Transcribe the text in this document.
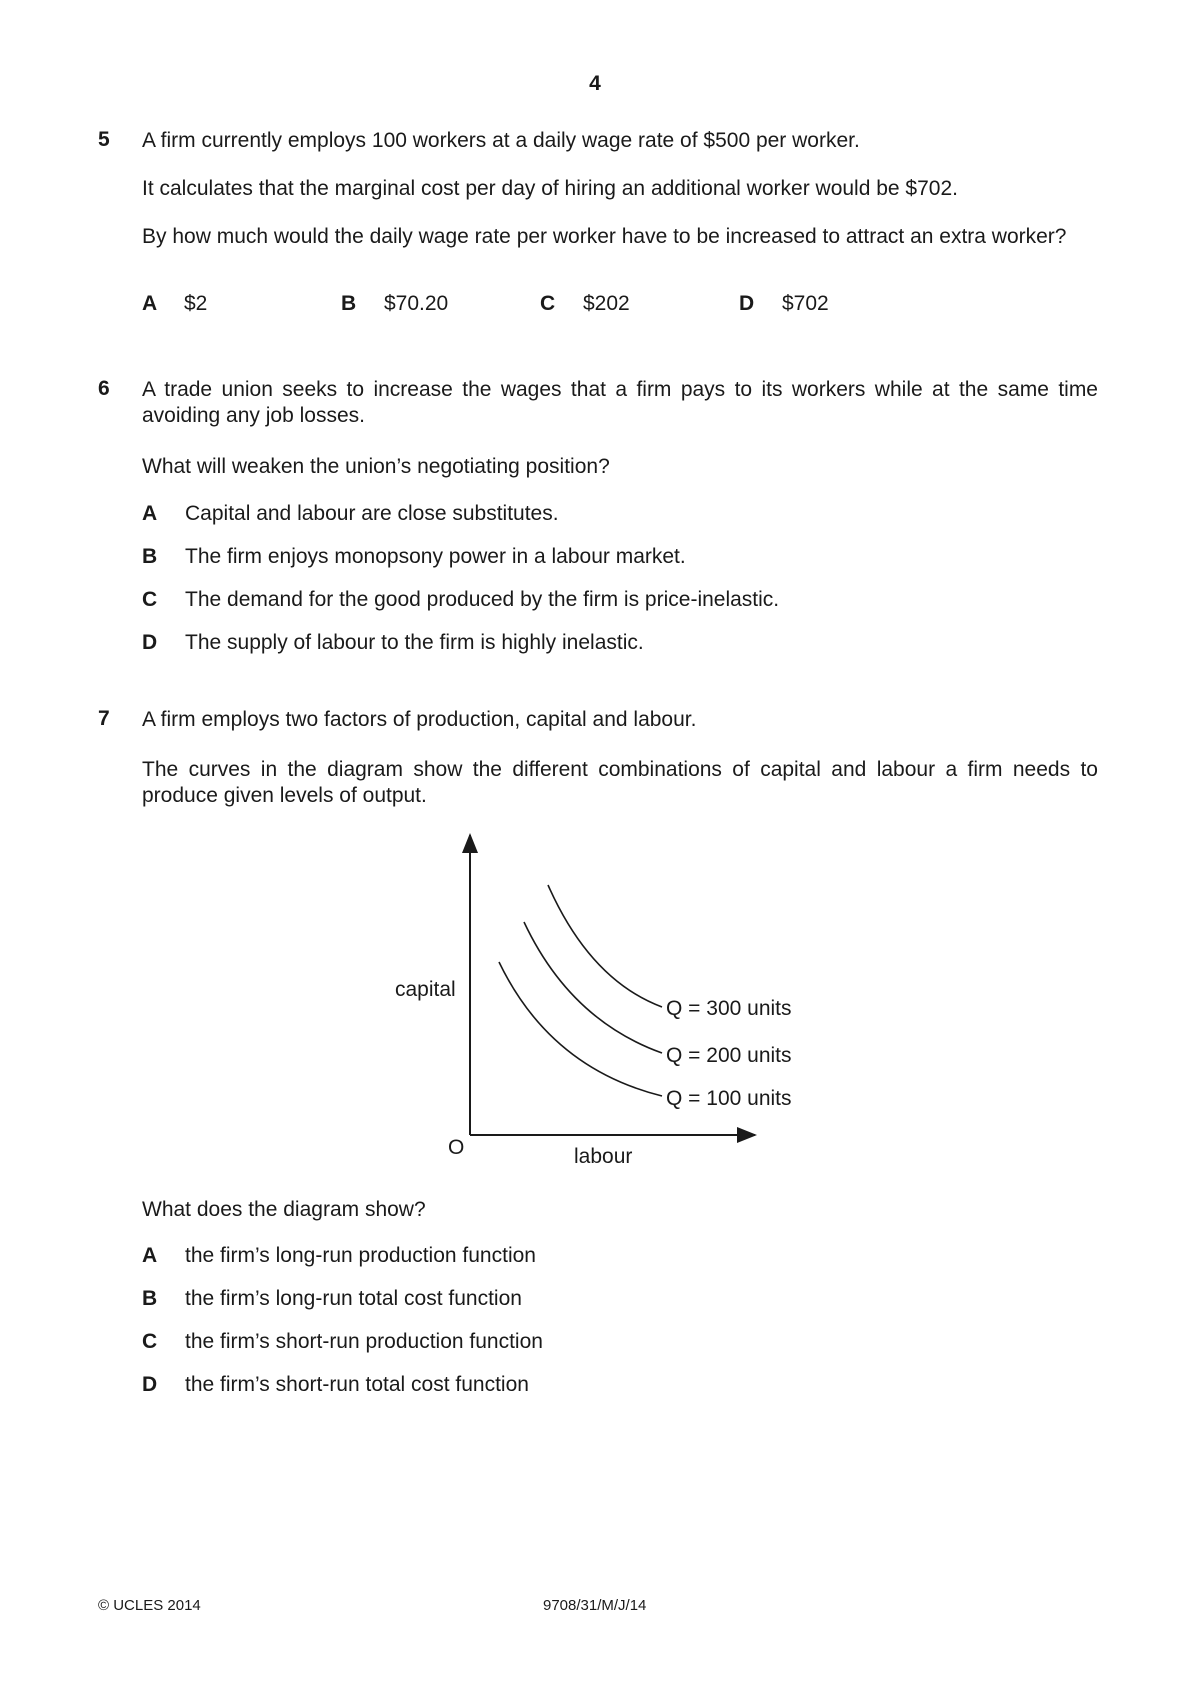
4
5 A firm currently employs 100 workers at a daily wage rate of $500 per worker.
It calculates that the marginal cost per day of hiring an additional worker would be $702.
By how much would the daily wage rate per worker have to be increased to attract an extra worker?
A $2	B $70.20	C $202	D $702
6 A trade union seeks to increase the wages that a firm pays to its workers while at the same time avoiding any job losses.
What will weaken the union’s negotiating position?
A Capital and labour are close substitutes.
B The firm enjoys monopsony power in a labour market.
C The demand for the good produced by the firm is price-inelastic.
D The supply of labour to the firm is highly inelastic.
7 A firm employs two factors of production, capital and labour.
The curves in the diagram show the different combinations of capital and labour a firm needs to produce given levels of output.
capital
labour
O
Q = 300 units
Q = 200 units
Q = 100 units
What does the diagram show?
A the firm’s long-run production function
B the firm’s long-run total cost function
C the firm’s short-run production function
D the firm’s short-run total cost function
© UCLES 2014	9708/31/M/J/14
